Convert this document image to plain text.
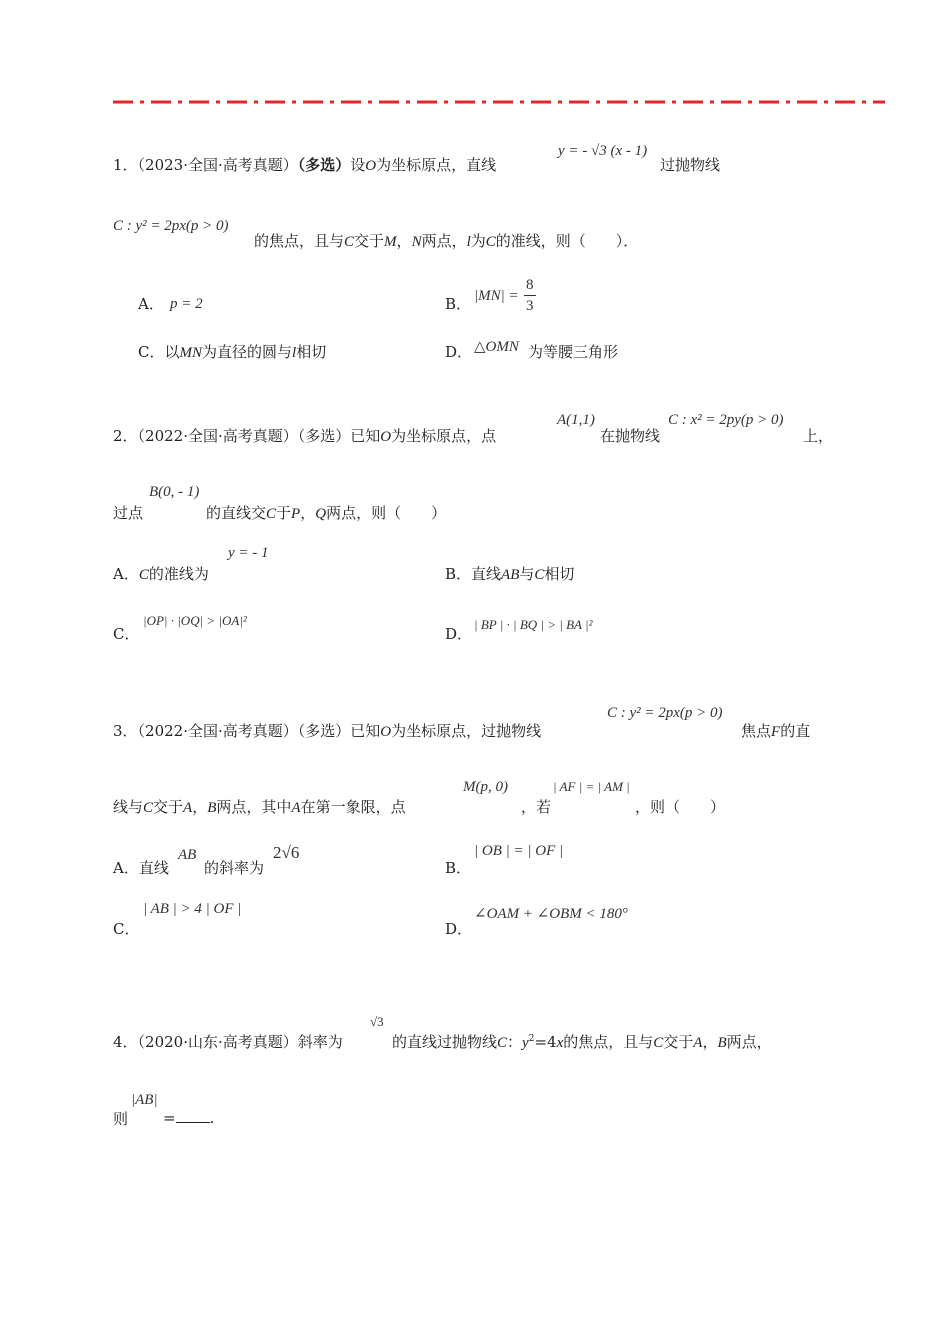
1．（2023·全国·高考真题）（多选）设O为坐标原点，直线
y = - √3 (x - 1)
过抛物线
C : y² = 2px(p > 0)
的焦点，且与C交于M，N两点，l为C的准线，则（　　）．
A． p = 2	B． |MN| =
8
3
C．以MN为直径的圆与l相切	D． △OMN 为等腰三角形
2．（2022·全国·高考真题）（多选）已知O为坐标原点，点
A(1,1)
在抛物线
C : x² = 2py(p > 0)
上，
过点
B(0, - 1)
的直线交C于P，Q两点，则（　　）
A．C的准线为
y = - 1
B．直线AB与C相切
C．
|OP| · |OQ| > |OA|²
D．
| BP | · | BQ | > | BA |²
3．（2022·全国·高考真题）（多选）已知O为坐标原点，过抛物线
C : y² = 2px(p > 0)
焦点F的直
线与C交于A，B两点，其中A在第一象限，点
M(p, 0)
，若
| AF | = | AM |
，则（　　）
A．直线
AB
的斜率为
2√6
B．
| OB | = | OF |
C．
| AB | > 4 | OF |
D．
∠OAM + ∠OBM < 180°
4．（2020·山东·高考真题）斜率为
√3
的直线过抛物线C：$y^2=4x$的焦点，且与C交于A，B两点，
则
|AB|
= .
